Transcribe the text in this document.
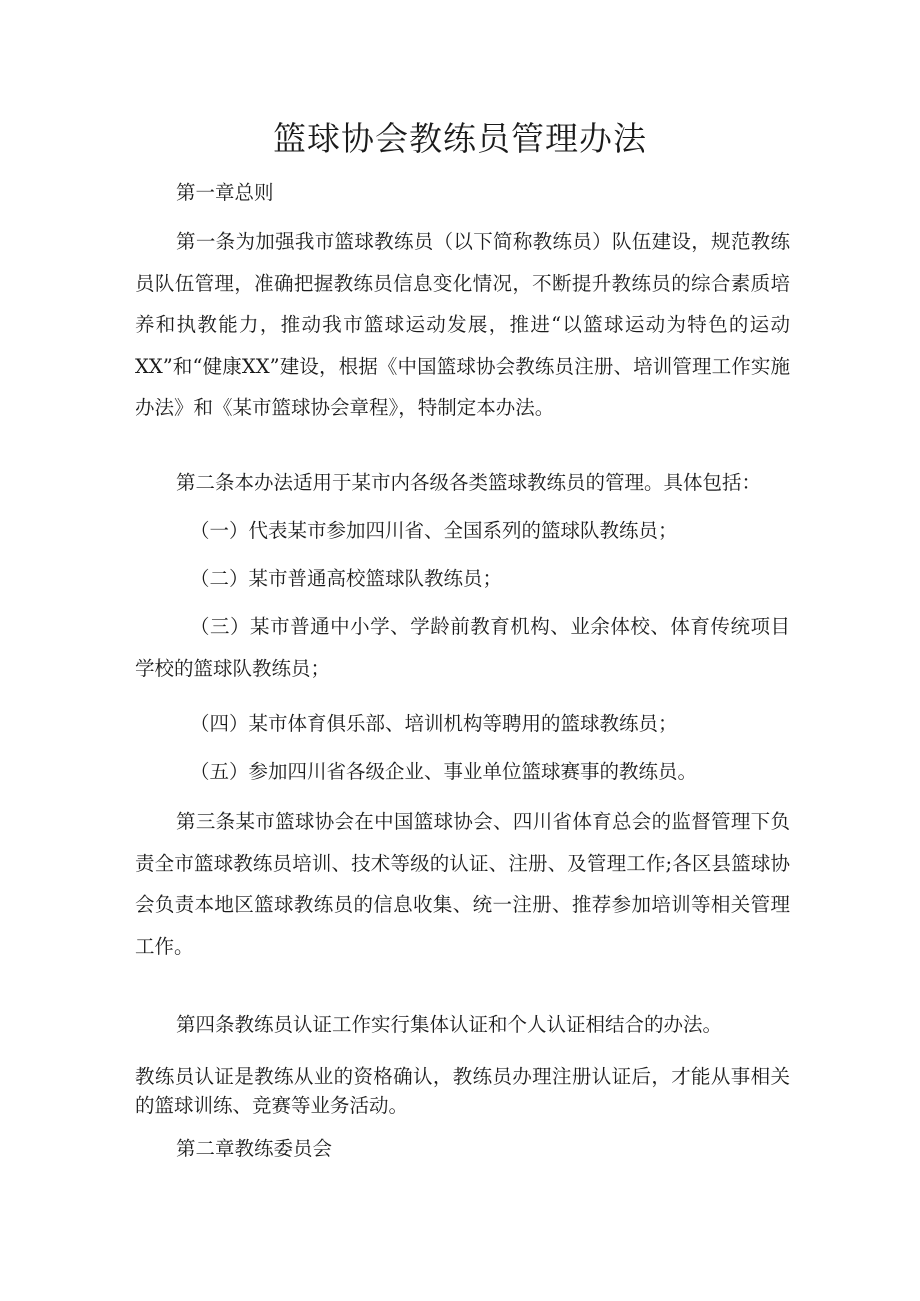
篮球协会教练员管理办法

第一章总则

第一条为加强我市篮球教练员（以下简称教练员）队伍建设，规范教练员队伍管理，准确把握教练员信息变化情况，不断提升教练员的综合素质培养和执教能力，推动我市篮球运动发展，推进“以篮球运动为特色的运动XX”和“健康XX”建设，根据《中国篮球协会教练员注册、培训管理工作实施办法》和《某市篮球协会章程》，特制定本办法。

第二条本办法适用于某市内各级各类篮球教练员的管理。具体包括：

（一）代表某市参加四川省、全国系列的篮球队教练员；

（二）某市普通高校篮球队教练员；

（三）某市普通中小学、学龄前教育机构、业余体校、体育传统项目学校的篮球队教练员；

（四）某市体育俱乐部、培训机构等聘用的篮球教练员；

（五）参加四川省各级企业、事业单位篮球赛事的教练员。

第三条某市篮球协会在中国篮球协会、四川省体育总会的监督管理下负责全市篮球教练员培训、技术等级的认证、注册、及管理工作;各区县篮球协会负责本地区篮球教练员的信息收集、统一注册、推荐参加培训等相关管理工作。

第四条教练员认证工作实行集体认证和个人认证相结合的办法。

教练员认证是教练从业的资格确认，教练员办理注册认证后，才能从事相关的篮球训练、竞赛等业务活动。

第二章教练委员会
